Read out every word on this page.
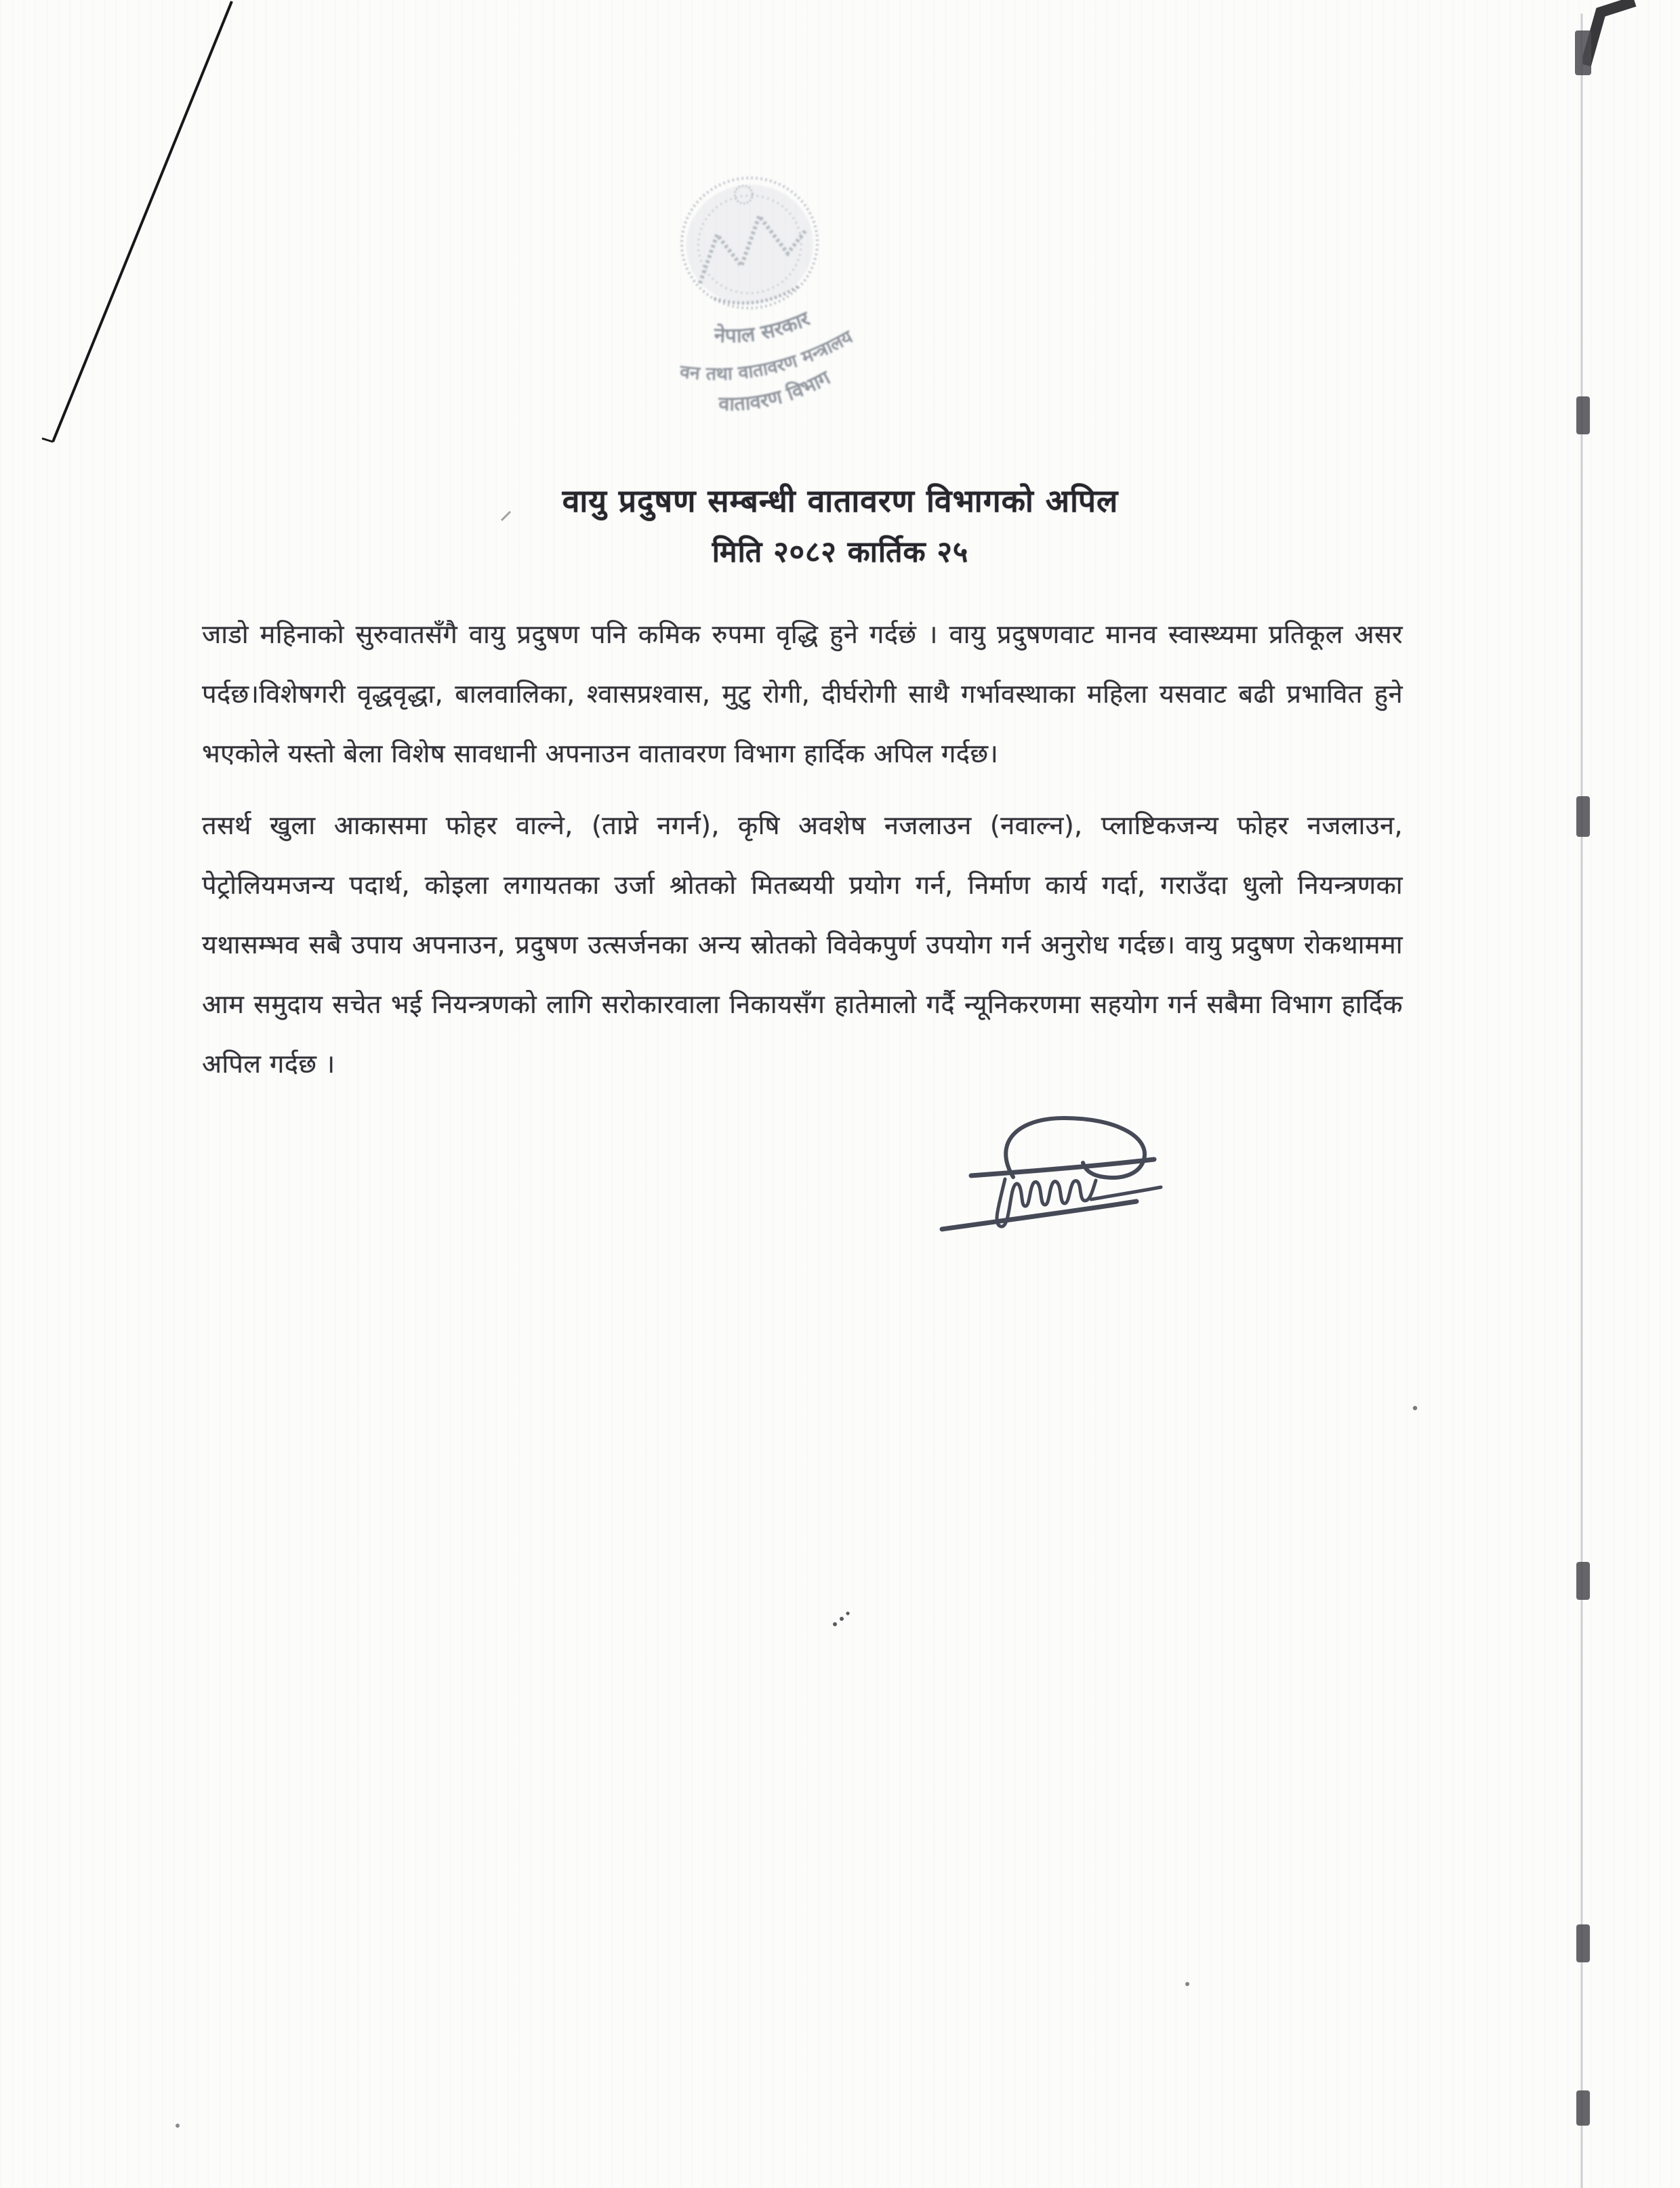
नेपाल सरकार
वन तथा वातावरण मन्त्रालय
वातावरण विभाग
वायु प्रदुषण सम्बन्धी वातावरण विभागको अपिल
मिति २०८२ कार्तिक २५

जाडो महिनाको सुरुवातसँगै वायु प्रदुषण पनि कमिक रुपमा वृद्धि हुने गर्दछं । वायु प्रदुषणवाट मानव स्वास्थ्यमा प्रतिकूल असर पर्दछ।विशेषगरी वृद्धवृद्धा, बालवालिका, श्वासप्रश्वास, मुटु रोगी, दीर्घरोगी साथै गर्भावस्थाका महिला यसवाट बढी प्रभावित हुने भएकोले यस्तो बेला विशेष सावधानी अपनाउन वातावरण विभाग हार्दिक अपिल गर्दछ।

तसर्थ खुला आकासमा फोहर वाल्ने, (ताप्ने नगर्न), कृषि अवशेष नजलाउन (नवाल्न), प्लाष्टिकजन्य फोहर नजलाउन, पेट्रोलियमजन्य पदार्थ, कोइला लगायतका उर्जा श्रोतको मितब्ययी प्रयोग गर्न, निर्माण कार्य गर्दा, गराउँदा धुलो नियन्त्रणका यथासम्भव सबै उपाय अपनाउन, प्रदुषण उत्सर्जनका अन्य स्रोतको विवेकपुर्ण उपयोग गर्न अनुरोध गर्दछ। वायु प्रदुषण रोकथाममा आम समुदाय सचेत भई नियन्त्रणको लागि सरोकारवाला निकायसँग हातेमालो गर्दै न्यूनिकरणमा सहयोग गर्न सबैमा विभाग हार्दिक अपिल गर्दछ ।
